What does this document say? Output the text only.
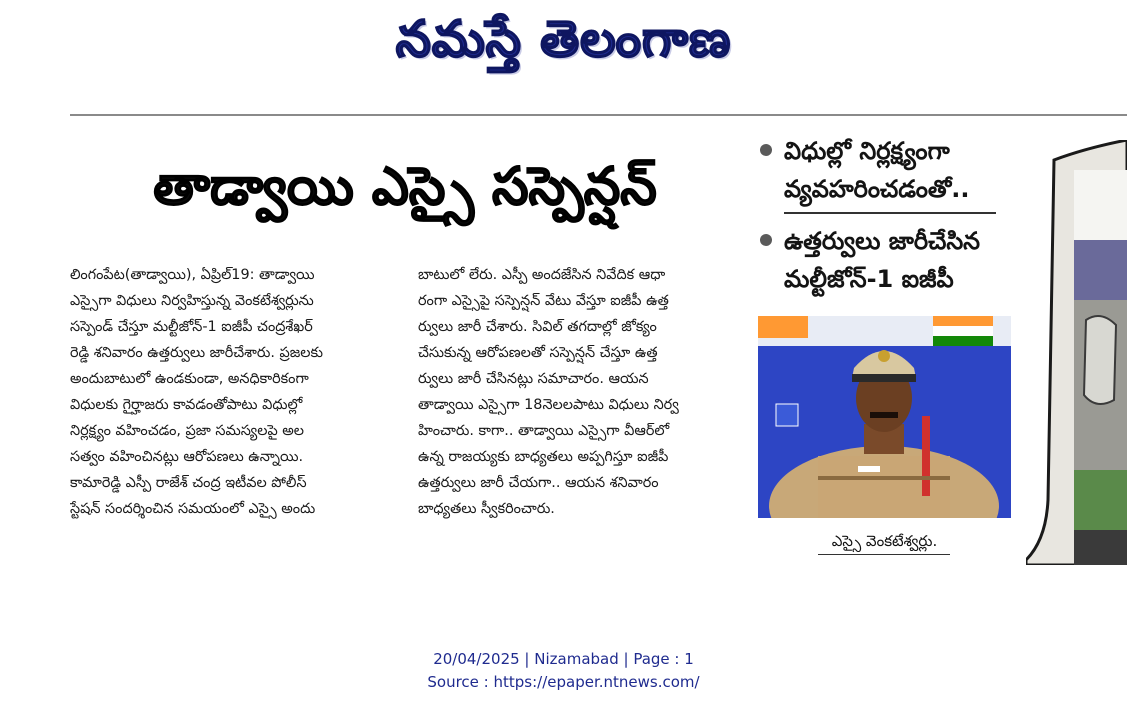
నమస్తే తెలంగాణ
తాడ్వాయి ఎస్సై సస్పెన్షన్
లింగంపేట(తాడ్వాయి), ఏప్రిల్19: తాడ్వాయి
ఎస్సైగా విధులు నిర్వహిస్తున్న వెంకటేశ్వర్లును
సస్పెండ్ చేస్తూ మల్టీజోన్-1 ఐజీపీ చంద్రశేఖర్
రెడ్డి శనివారం ఉత్తర్వులు జారీచేశారు. ప్రజలకు
అందుబాటులో ఉండకుండా, అనధికారికంగా
విధులకు గైర్హాజరు కావడంతోపాటు విధుల్లో
నిర్లక్ష్యం వహించడం, ప్రజా సమస్యలపై అల
సత్వం వహించినట్లు ఆరోపణలు ఉన్నాయి.
కామారెడ్డి ఎస్పీ రాజేశ్ చంద్ర ఇటీవల పోలీస్
స్టేషన్ సందర్శించిన సమయంలో ఎస్సై అందు
బాటులో లేరు. ఎస్పీ అందజేసిన నివేదిక ఆధా
రంగా ఎస్సైపై సస్పెన్షన్ వేటు వేస్తూ ఐజీపీ ఉత్త
ర్వులు జారీ చేశారు. సివిల్ తగదాల్లో జోక్యం
చేసుకున్న ఆరోపణలతో సస్పెన్షన్ చేస్తూ ఉత్త
ర్వులు జారీ చేసినట్లు సమాచారం. ఆయన
తాడ్వాయి ఎస్సైగా 18నెలలపాటు విధులు నిర్వ
హించారు. కాగా.. తాడ్వాయి ఎస్సైగా వీఆర్‌లో
ఉన్న రాజయ్యకు బాధ్యతలు అప్పగిస్తూ ఐజీపీ
ఉత్తర్వులు జారీ చేయగా.. ఆయన శనివారం
బాధ్యతలు స్వీకరించారు.
విధుల్లో నిర్లక్ష్యంగా
వ్యవహరించడంతో..
ఉత్తర్వులు జారీచేసిన
మల్టీజోన్-1 ఐజీపీ
ఎస్సై వెంకటేశ్వర్లు.
20/04/2025 | Nizamabad | Page : 1
Source : https://epaper.ntnews.com/
